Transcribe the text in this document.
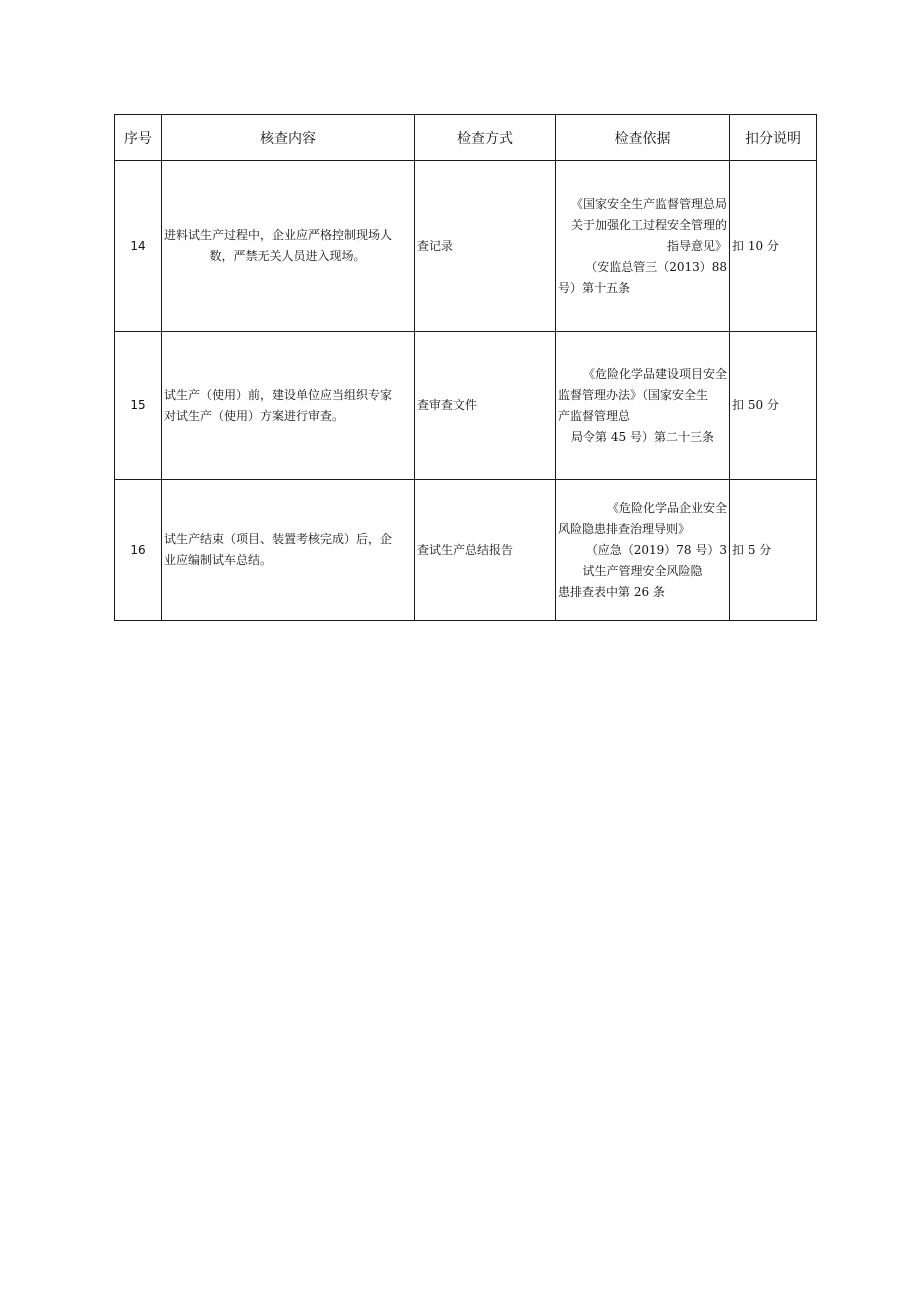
序号	核查内容	检查方式	检查依据	扣分说明
14	进料试生产过程中，企业应严格控制现场人
数，严禁无关人员进入现场。	查记录	《国家安全生产监督管理总局
关于加强化工过程安全管理的
指导意见》
（安监总管三（2013）88
号）第十五条	扣 10 分
15	试生产（使用）前，建设单位应当组织专家
对试生产（使用）方案进行审查。	查审查文件	《危险化学品建设项目安全
监督管理办法》（国家安全生
产监督管理总
局令第 45 号）第二十三条	扣 50 分
16	试生产结束（项目、装置考核完成）后，企
业应编制试车总结。	查试生产总结报告	《危险化学品企业安全
风险隐患排查治理导则》
（应急（2019）78 号）3
试生产管理安全风险隐
患排查表中第 26 条	扣 5 分
